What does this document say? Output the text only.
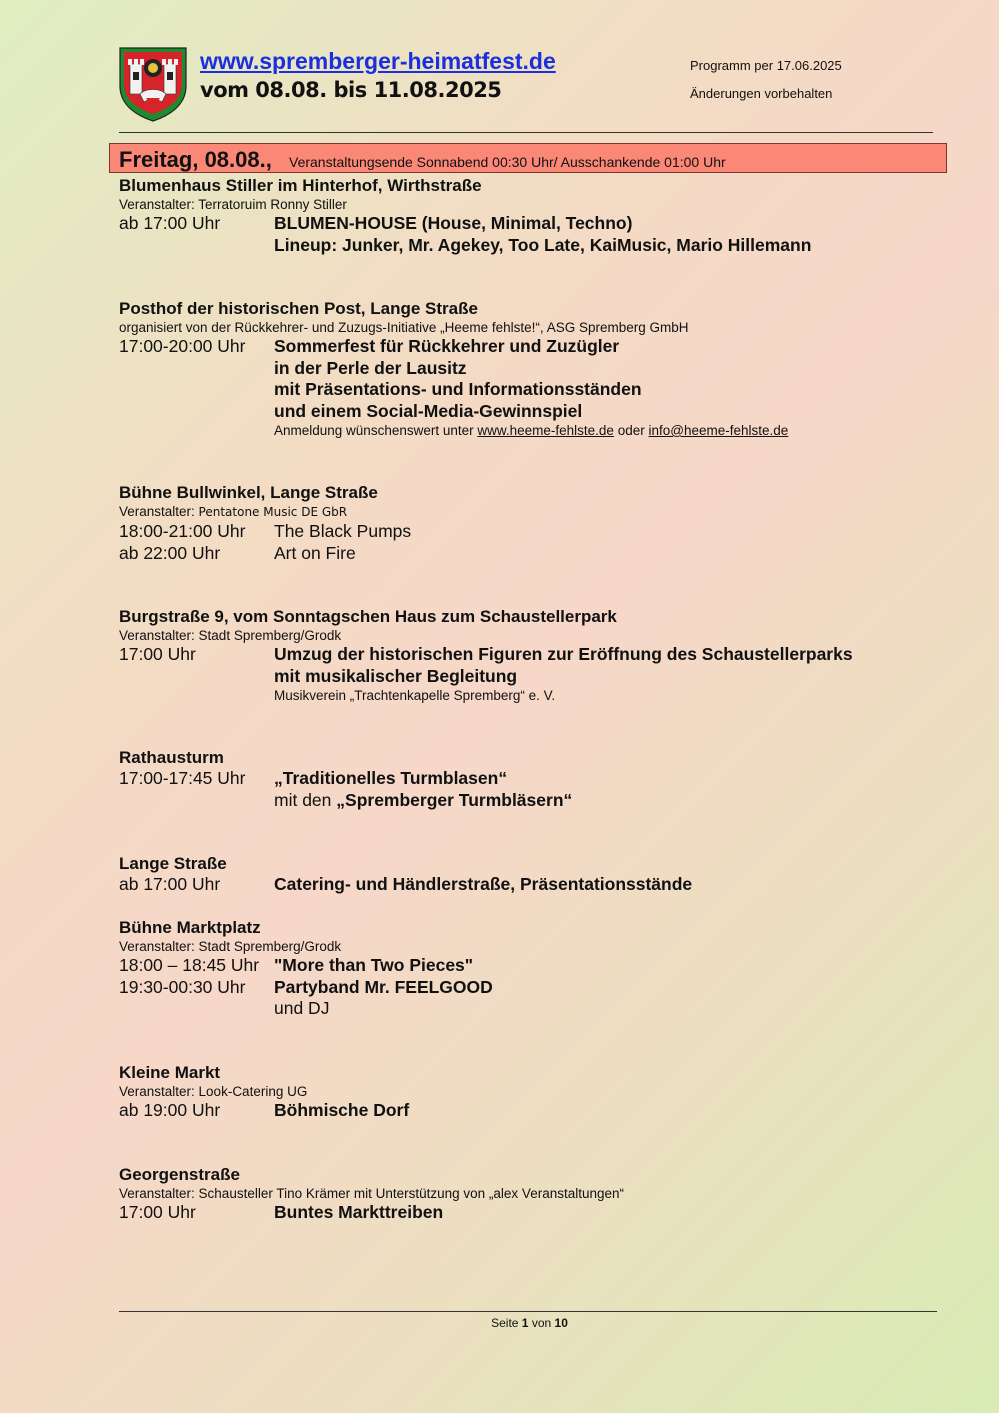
www.spremberger-heimatfest.de
vom 08.08. bis 11.08.2025
Programm per 17.06.2025
Änderungen vorbehalten
Freitag, 08.08., Veranstaltungsende Sonnabend 00:30 Uhr/ Ausschankende 01:00 Uhr

Blumenhaus Stiller im Hinterhof, Wirthstraße

Veranstalter: Terratoruim Ronny Stiller

ab 17:00 Uhr	BLUMEN-HOUSE (House, Minimal, Techno)
Lineup: Junker, Mr. Agekey, Too Late, KaiMusic, Mario Hillemann

Posthof der historischen Post, Lange Straße

organisiert von der Rückkehrer- und Zuzugs-Initiative „Heeme fehlste!“, ASG Spremberg GmbH

17:00-20:00 Uhr	Sommerfest für Rückkehrer und Zuzügler
in der Perle der Lausitz
mit Präsentations- und Informationsständen
und einem Social-Media-Gewinnspiel
Anmeldung wünschenswert unter www.heeme-fehlste.de oder info@heeme-fehlste.de

Bühne Bullwinkel, Lange Straße

Veranstalter: Pentatone Music DE GbR

18:00-21:00 Uhr	The Black Pumps
ab 22:00 Uhr	Art on Fire

Burgstraße 9, vom Sonntagschen Haus zum Schaustellerpark

Veranstalter: Stadt Spremberg/Grodk

17:00 Uhr	Umzug der historischen Figuren zur Eröffnung des Schaustellerparks
mit musikalischer Begleitung
Musikverein „Trachtenkapelle Spremberg“ e. V.

Rathausturm

17:00-17:45 Uhr	„Traditionelles Turmblasen“
mit den
„Spremberger Turmbläsern“

Lange Straße

ab 17:00 Uhr	Catering- und Händlerstraße, Präsentationsstände

Bühne Marktplatz

Veranstalter: Stadt Spremberg/Grodk

18:00 – 18:45 Uhr "More than Two Pieces"
19:30-00:30 Uhr	Partyband Mr. FEELGOOD
und DJ

Kleine Markt

Veranstalter: Look-Catering UG

ab 19:00 Uhr	Böhmische Dorf

Georgenstraße

Veranstalter: Schausteller Tino Krämer mit Unterstützung von „alex Veranstaltungen“

17:00 Uhr	Buntes Markttreiben
Seite 1 von 10
